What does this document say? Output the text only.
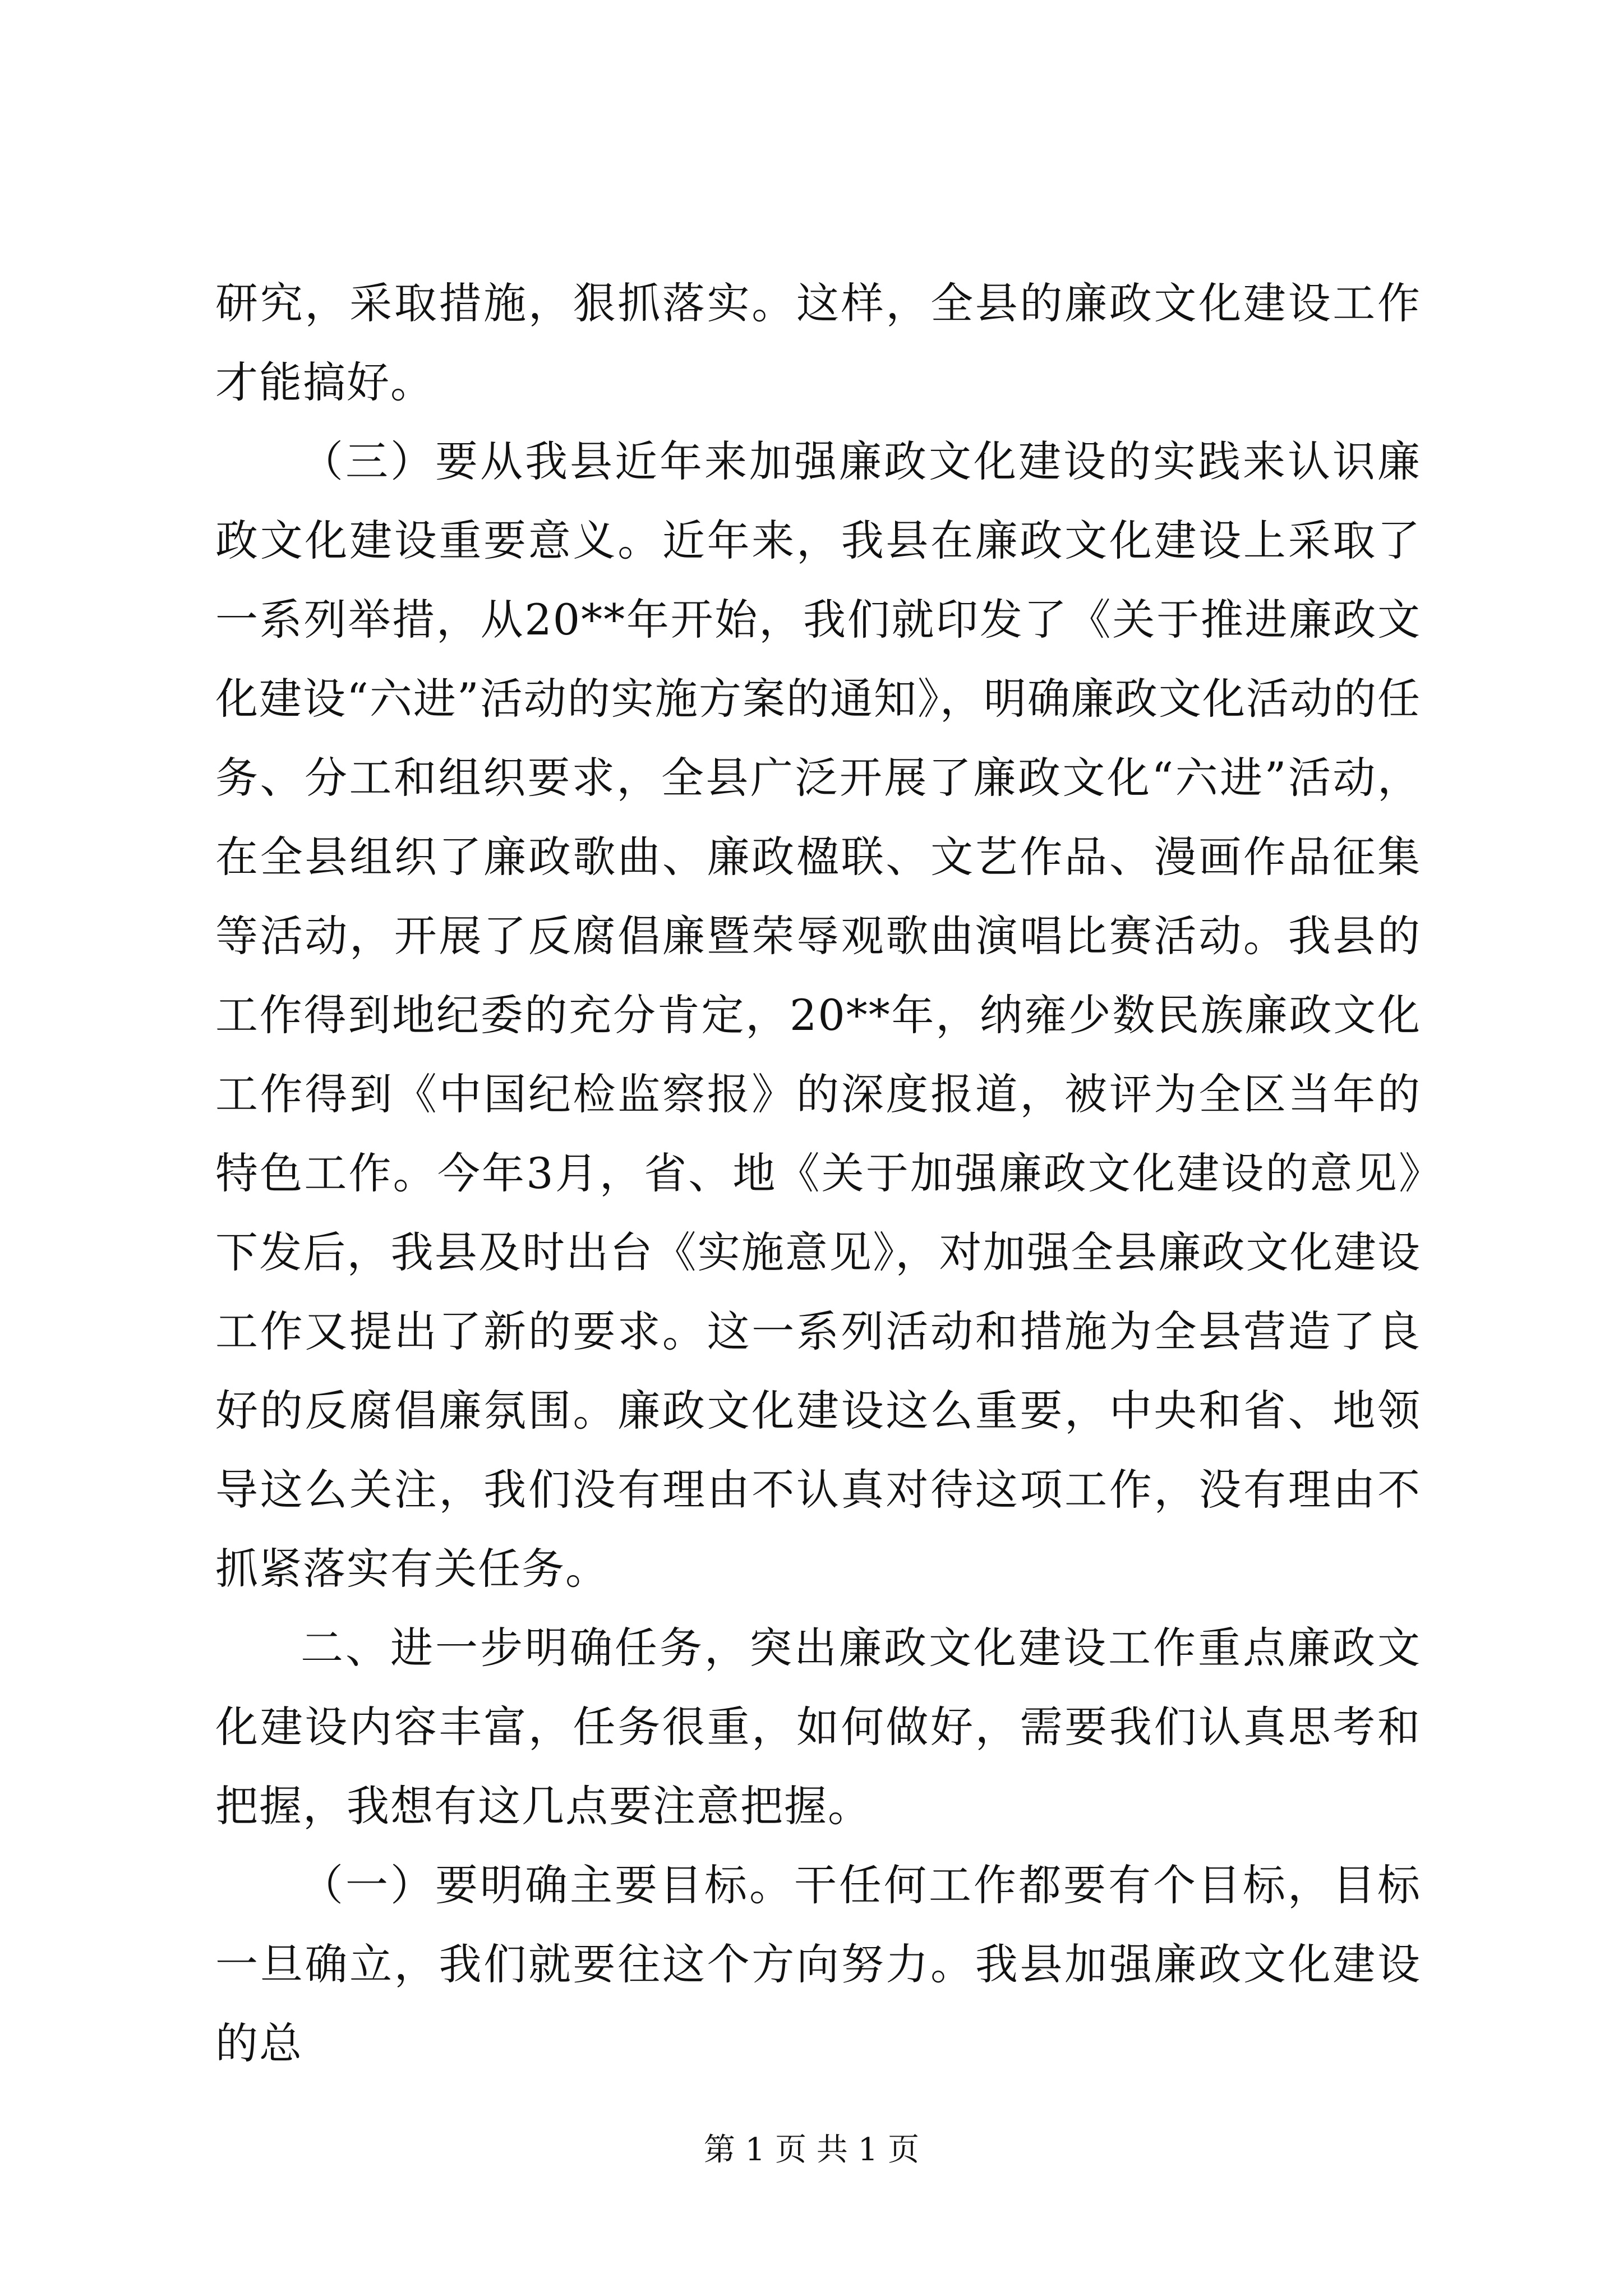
研究，采取措施，狠抓落实。这样，全县的廉政文化建设工作才能搞好。

（三）要从我县近年来加强廉政文化建设的实践来认识廉政文化建设重要意义。近年来，我县在廉政文化建设上采取了一系列举措，从20**年开始，我们就印发了《关于推进廉政文化建设“六进”活动的实施方案的通知》，明确廉政文化活动的任务、分工和组织要求，全县广泛开展了廉政文化“六进”活动，在全县组织了廉政歌曲、廉政楹联、文艺作品、漫画作品征集等活动，开展了反腐倡廉暨荣辱观歌曲演唱比赛活动。我县的工作得到地纪委的充分肯定，20**年，纳雍少数民族廉政文化工作得到《中国纪检监察报》的深度报道，被评为全区当年的特色工作。今年3月，省、地《关于加强廉政文化建设的意见》下发后，我县及时出台《实施意见》，对加强全县廉政文化建设工作又提出了新的要求。这一系列活动和措施为全县营造了良好的反腐倡廉氛围。廉政文化建设这么重要，中央和省、地领导这么关注，我们没有理由不认真对待这项工作，没有理由不抓紧落实有关任务。

二、进一步明确任务，突出廉政文化建设工作重点廉政文化建设内容丰富，任务很重，如何做好，需要我们认真思考和把握，我想有这几点要注意把握。

（一）要明确主要目标。干任何工作都要有个目标，目标一旦确立，我们就要往这个方向努力。我县加强廉政文化建设的总

第 1 页 共 1 页
